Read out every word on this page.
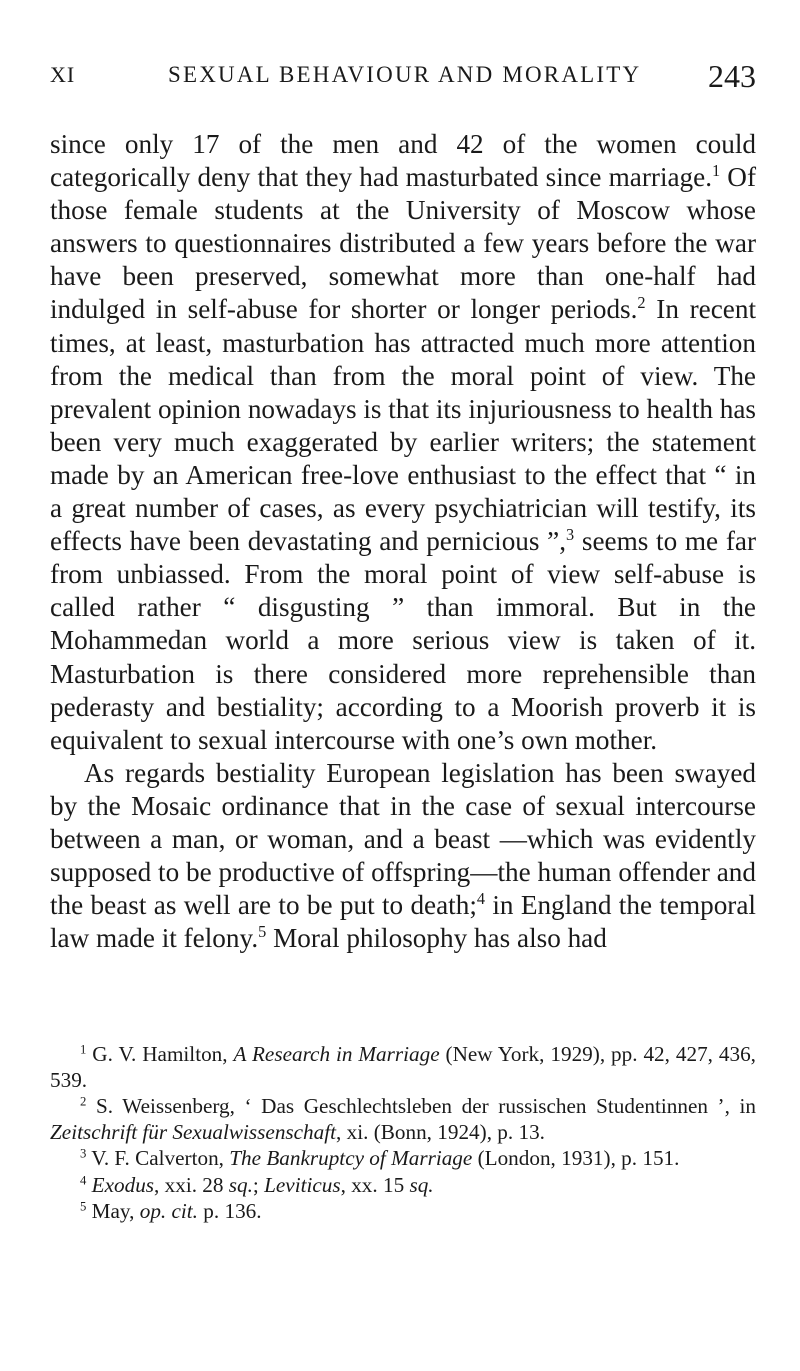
XI	SEXUAL BEHAVIOUR AND MORALITY 243

since only 17 of the men and 42 of the women could categorically deny that they had masturbated since marriage.$^1$ Of those female students at the University of Moscow whose answers to questionnaires distributed a few years before the war have been preserved, somewhat more than one-half had indulged in self-abuse for shorter or longer periods.$^2$ In recent times, at least, masturbation has attracted much more attention from the medical than from the moral point of view. The prevalent opinion nowadays is that its injuriousness to health has been very much exaggerated by earlier writers; the statement made by an American free-love enthusiast to the effect that “ in a great number of cases, as every psychiatrician will testify, its effects have been devastating and pernicious ”,$^3$ seems to me far from unbiassed. From the moral point of view self-abuse is called rather “ disgusting ” than immoral. But in the Mohammedan world a more serious view is taken of it. Masturbation is there considered more reprehensible than pederasty and bestiality; according to a Moorish proverb it is equivalent to sexual intercourse with one’s own mother.

As regards bestiality European legislation has been swayed by the Mosaic ordinance that in the case of sexual intercourse between a man, or woman, and a beast —which was evidently supposed to be productive of offspring—the human offender and the beast as well are to be put to death;$^4$ in England the temporal law made it felony.$^5$ Moral philosophy has also had

$^1$ G. V. Hamilton, A Research in Marriage (New York, 1929), pp. 42, 427, 436, 539.

$^2$ S. Weissenberg, ‘ Das Geschlechtsleben der russischen Studentinnen ’, in Zeitschrift für Sexualwissenschaft, xi. (Bonn, 1924), p. 13.

$^3$ V. F. Calverton, The Bankruptcy of Marriage (London, 1931), p. 151.

$^4$ Exodus, xxi. 28 sq.; Leviticus, xx. 15 sq.

$^5$ May, op. cit. p. 136.
